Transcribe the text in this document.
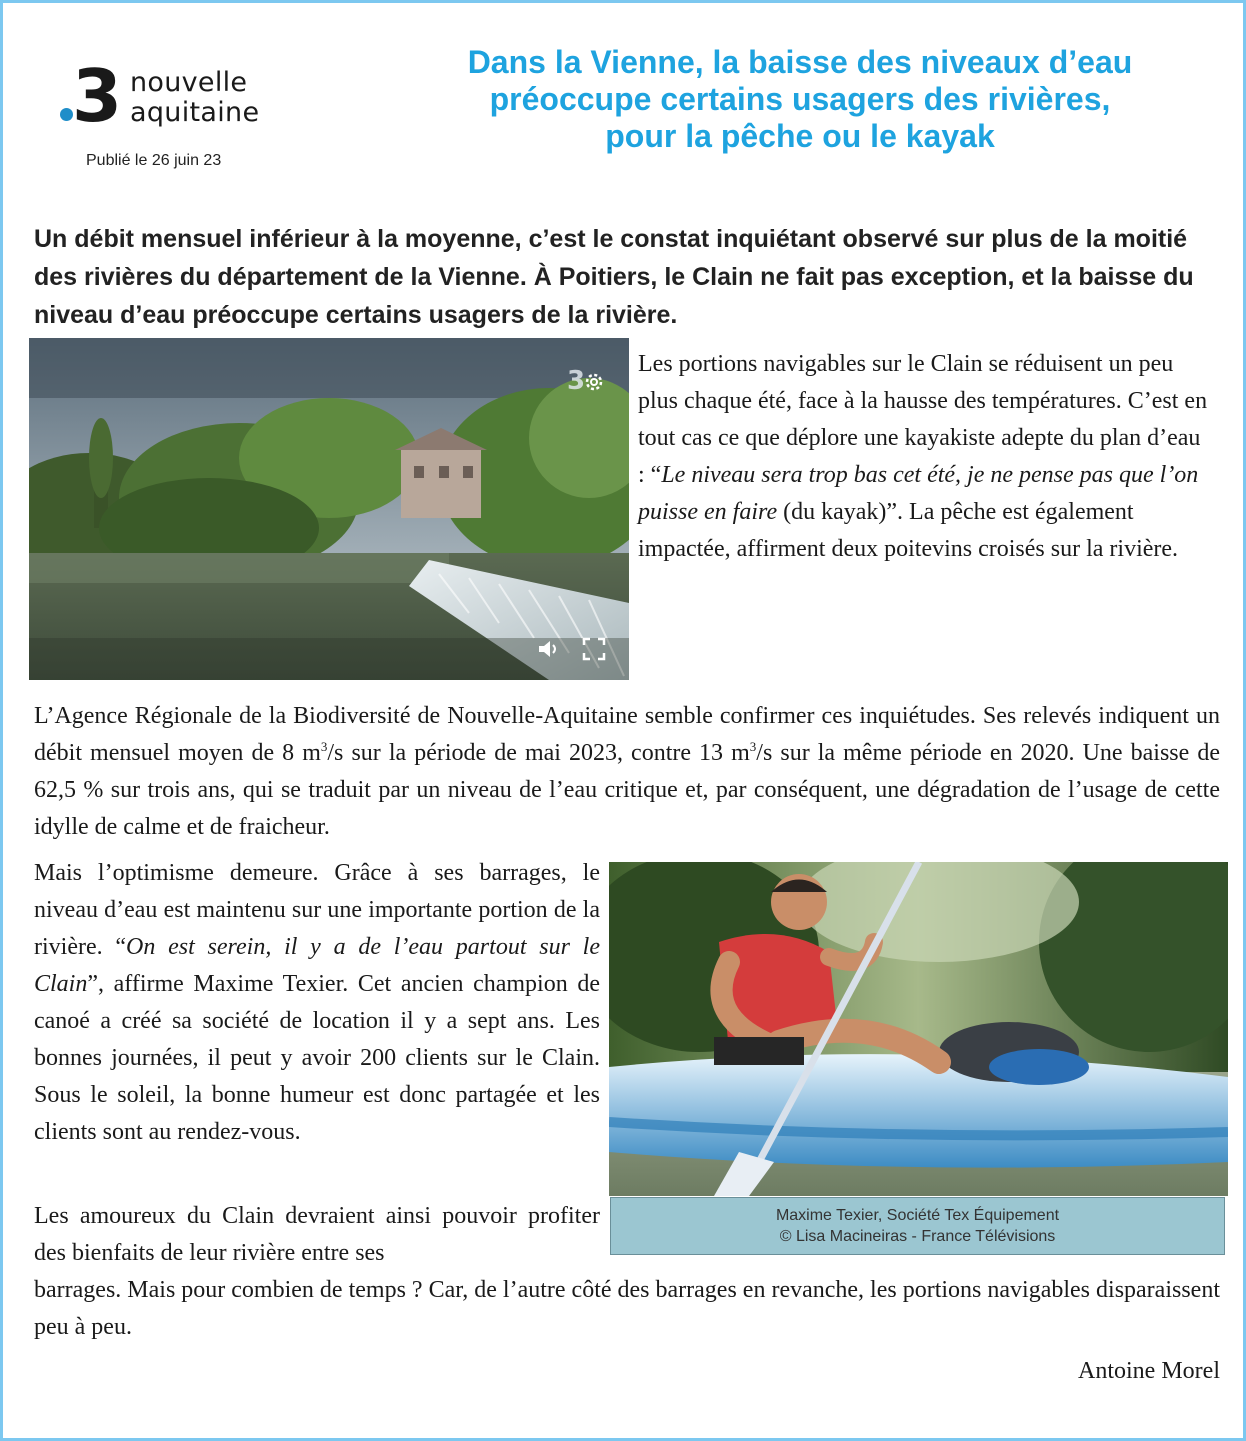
3 nouvelle
aquitaine
Publié le 26 juin 23
Dans la Vienne, la baisse des niveaux d’eau
préoccupe certains usagers des rivières,
pour la pêche ou le kayak
Un débit mensuel inférieur à la moyenne, c’est le constat inquiétant observé sur plus de la moitié des rivières du département de la Vienne. À Poitiers, le Clain ne fait pas exception, et la baisse du niveau d’eau préoccupe certains usagers de la rivière.
3

Les portions navigables sur le Clain se réduisent un peu plus chaque été, face à la hausse des températures. C’est en tout cas ce que déplore une kayakiste adepte du plan d’eau : “Le niveau sera trop bas cet été, je ne pense pas que l’on puisse en faire (du kayak)”. La pêche est également impactée, affirment deux poitevins croisés sur la rivière.

L’Agence Régionale de la Biodiversité de Nouvelle-Aquitaine semble confirmer ces inquiétudes. Ses relevés indiquent un débit mensuel moyen de 8 $m^3/s$ sur la période de mai 2023, contre 13 $m^3/s$ sur la même période en 2020. Une baisse de 62,5 % sur trois ans, qui se traduit par un niveau de l’eau critique et, par conséquent, une dégradation de l’usage de cette idylle de calme et de fraicheur.

Mais l’optimisme demeure. Grâce à ses barrages, le niveau d’eau est maintenu sur une importante portion de la rivière. “On est serein, il y a de l’eau partout sur le Clain”, affirme Maxime Texier. Cet ancien champion de canoé a créé sa société de location il y a sept ans. Les bonnes journées, il peut y avoir 200 clients sur le Clain. Sous le soleil, la bonne humeur est donc partagée et les clients sont au rendez-vous.

Maxime Texier, Société Tex Équipement
© Lisa Macineiras - France Télévisions

Les amoureux du Clain devraient ainsi pouvoir profiter des bienfaits de leur rivière entre ses

barrages. Mais pour combien de temps ? Car, de l’autre côté des barrages en revanche, les portions navigables disparaissent peu à peu.

Antoine Morel
